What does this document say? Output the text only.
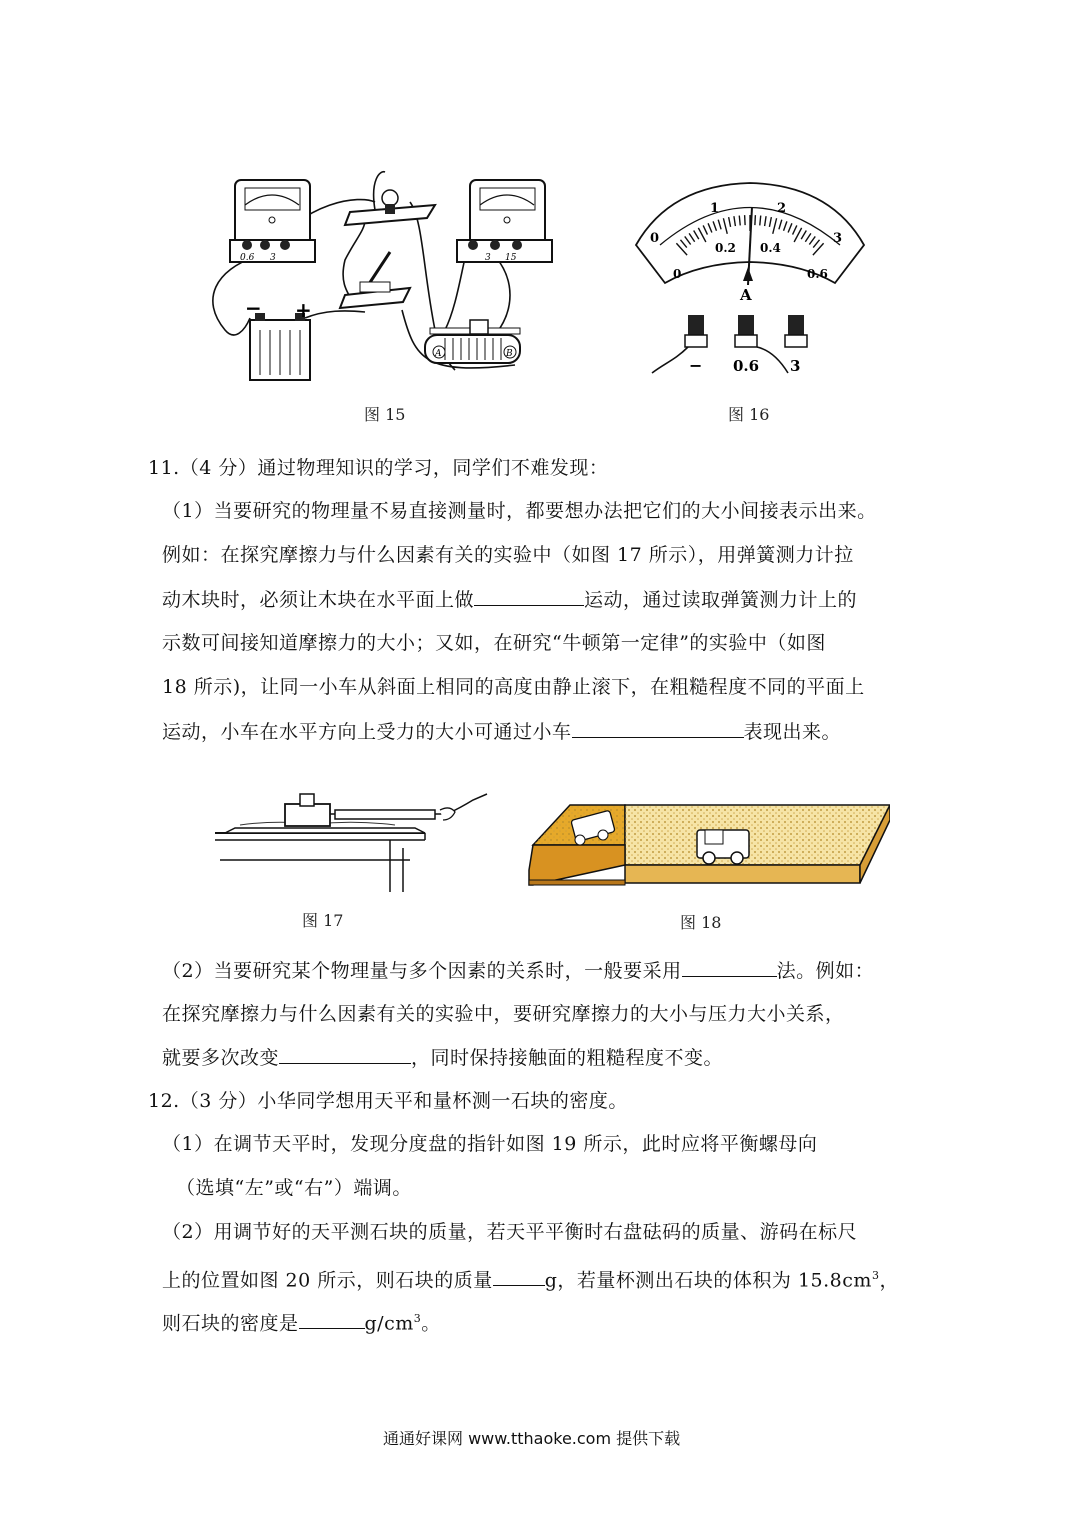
0.6 3	3 15
− +
A	B
图 15
0
1	2
3
0
0.2 0.4
0.6
A
− 0.6 3
图 16
11.（4 分）通过物理知识的学习，同学们不难发现：
（1）当要研究的物理量不易直接测量时，都要想办法把它们的大小间接表示出来。
例如：在探究摩擦力与什么因素有关的实验中（如图 17 所示），用弹簧测力计拉
动木块时，必须让木块在水平面上做	运动，通过读取弹簧测力计上的
示数可间接知道摩擦力的大小；又如，在研究“牛顿第一定律”的实验中（如图
18 所示)，让同一小车从斜面上相同的高度由静止滚下，在粗糙程度不同的平面上
运动，小车在水平方向上受力的大小可通过小车	表现出来。
图 17	图 18
（2）当要研究某个物理量与多个因素的关系时，一般要采用	法。例如：
在探究摩擦力与什么因素有关的实验中，要研究摩擦力的大小与压力大小关系，
就要多次改变	，同时保持接触面的粗糙程度不变。
12.（3 分）小华同学想用天平和量杯测一石块的密度。
（1）在调节天平时，发现分度盘的指针如图 19 所示，此时应将平衡螺母向
（选填“左”或“右”）端调。
（2）用调节好的天平测石块的质量，若天平平衡时右盘砝码的质量、游码在标尺
上的位置如图 20 所示，则石块的质量	g，若量杯测出石块的体积为 $15.8cm^3$，
则石块的密度是	$g/cm^3$。
通通好课网 www.tthaoke.com 提供下载
